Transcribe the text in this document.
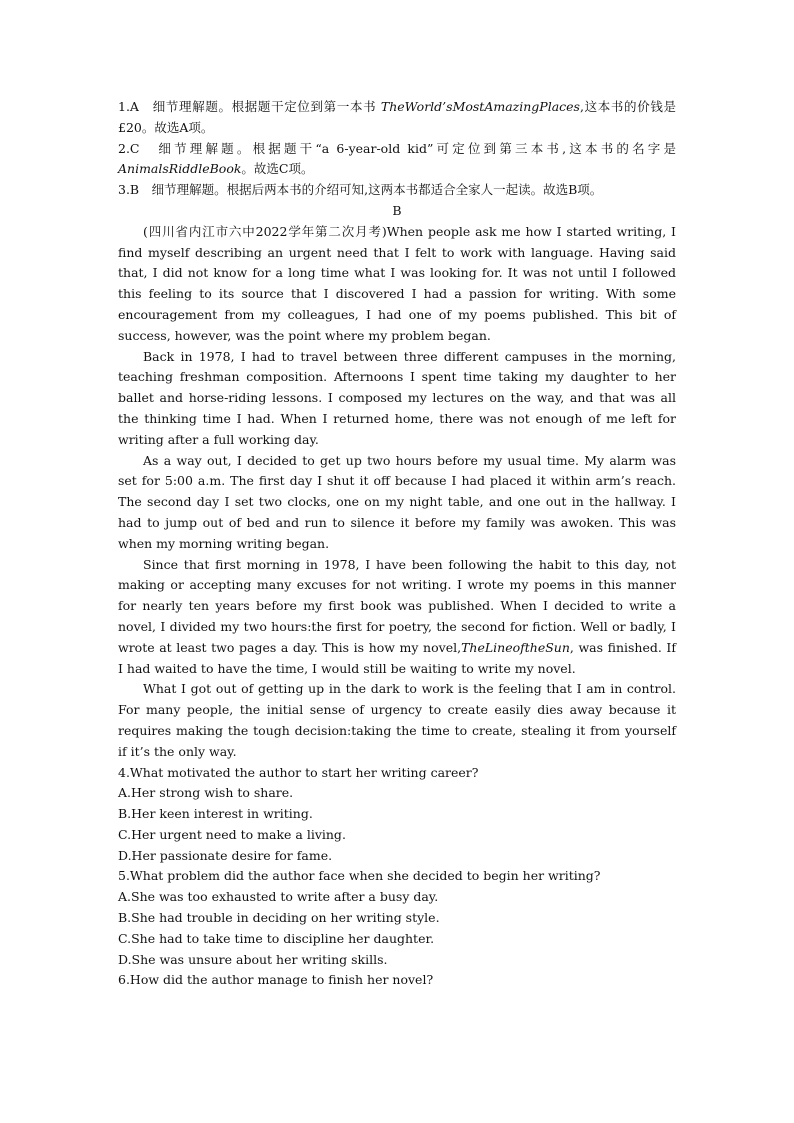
1.A　细节理解题。根据题干定位到第一本书 TheWorld’sMostAmazingPlaces,这本书的价钱是£20。故选A项。

2.C　细节理解题。根据题干“a 6-year-old kid”可定位到第三本书,这本书的名字是 AnimalsRiddleBook。故选C项。

3.B　细节理解题。根据后两本书的介绍可知,这两本书都适合全家人一起读。故选B项。

B

(四川省内江市六中2022学年第二次月考)When people ask me how I started writing, I find myself describing an urgent need that I felt to work with language. Having said that, I did not know for a long time what I was looking for. It was not until I followed this feeling to its source that I discovered I had a passion for writing. With some encouragement from my colleagues, I had one of my poems published. This bit of success, however, was the point where my problem began.

Back in 1978, I had to travel between three different campuses in the morning, teaching freshman composition. Afternoons I spent time taking my daughter to her ballet and horse-riding lessons. I composed my lectures on the way, and that was all the thinking time I had. When I returned home, there was not enough of me left for writing after a full working day.

As a way out, I decided to get up two hours before my usual time. My alarm was set for 5:00 a.m. The first day I shut it off because I had placed it within arm’s reach. The second day I set two clocks, one on my night table, and one out in the hallway. I had to jump out of bed and run to silence it before my family was awoken. This was when my morning writing began.

Since that first morning in 1978, I have been following the habit to this day, not making or accepting many excuses for not writing. I wrote my poems in this manner for nearly ten years before my first book was published. When I decided to write a novel, I divided my two hours:the first for poetry, the second for fiction. Well or badly, I wrote at least two pages a day. This is how my novel,TheLineoftheSun, was finished. If I had waited to have the time, I would still be waiting to write my novel.

What I got out of getting up in the dark to work is the feeling that I am in control. For many people, the initial sense of urgency to create easily dies away because it requires making the tough decision:taking the time to create, stealing it from yourself if it’s the only way.

4.What motivated the author to start her writing career?

A.Her strong wish to share.

B.Her keen interest in writing.

C.Her urgent need to make a living.

D.Her passionate desire for fame.

5.What problem did the author face when she decided to begin her writing?

A.She was too exhausted to write after a busy day.

B.She had trouble in deciding on her writing style.

C.She had to take time to discipline her daughter.

D.She was unsure about her writing skills.

6.How did the author manage to finish her novel?
